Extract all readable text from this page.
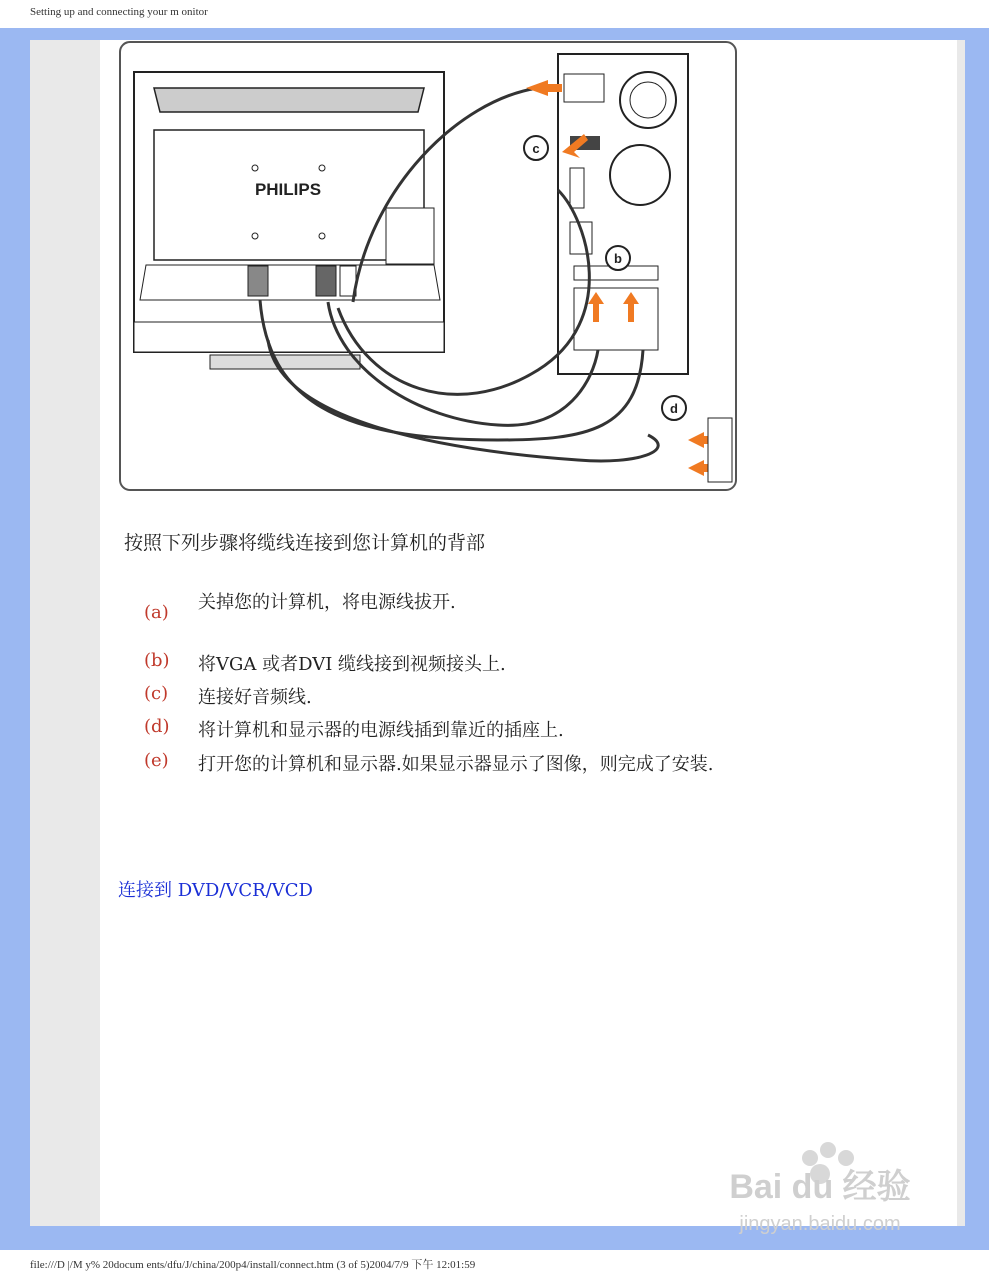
Setting up and connecting your m onitor
PHILIPS
c
b
d
按照下列步骤将缆线连接到您计算机的背部
(a) 关掉您的计算机，将电源线拔开.
(b) 将VGA 或者DVI 缆线接到视频接头上.
(c) 连接好音频线.
(d) 将计算机和显示器的电源线插到靠近的插座上.
(e) 打开您的计算机和显示器.如果显示器显示了图像，则完成了安装.
连接到 DVD/VCR/VCD
Bai du 经验
jingyan.baidu.com
file:///D |/M y% 20docum ents/dfu/J/china/200p4/install/connect.htm (3 of 5)2004/7/9 下午 12:01:59
